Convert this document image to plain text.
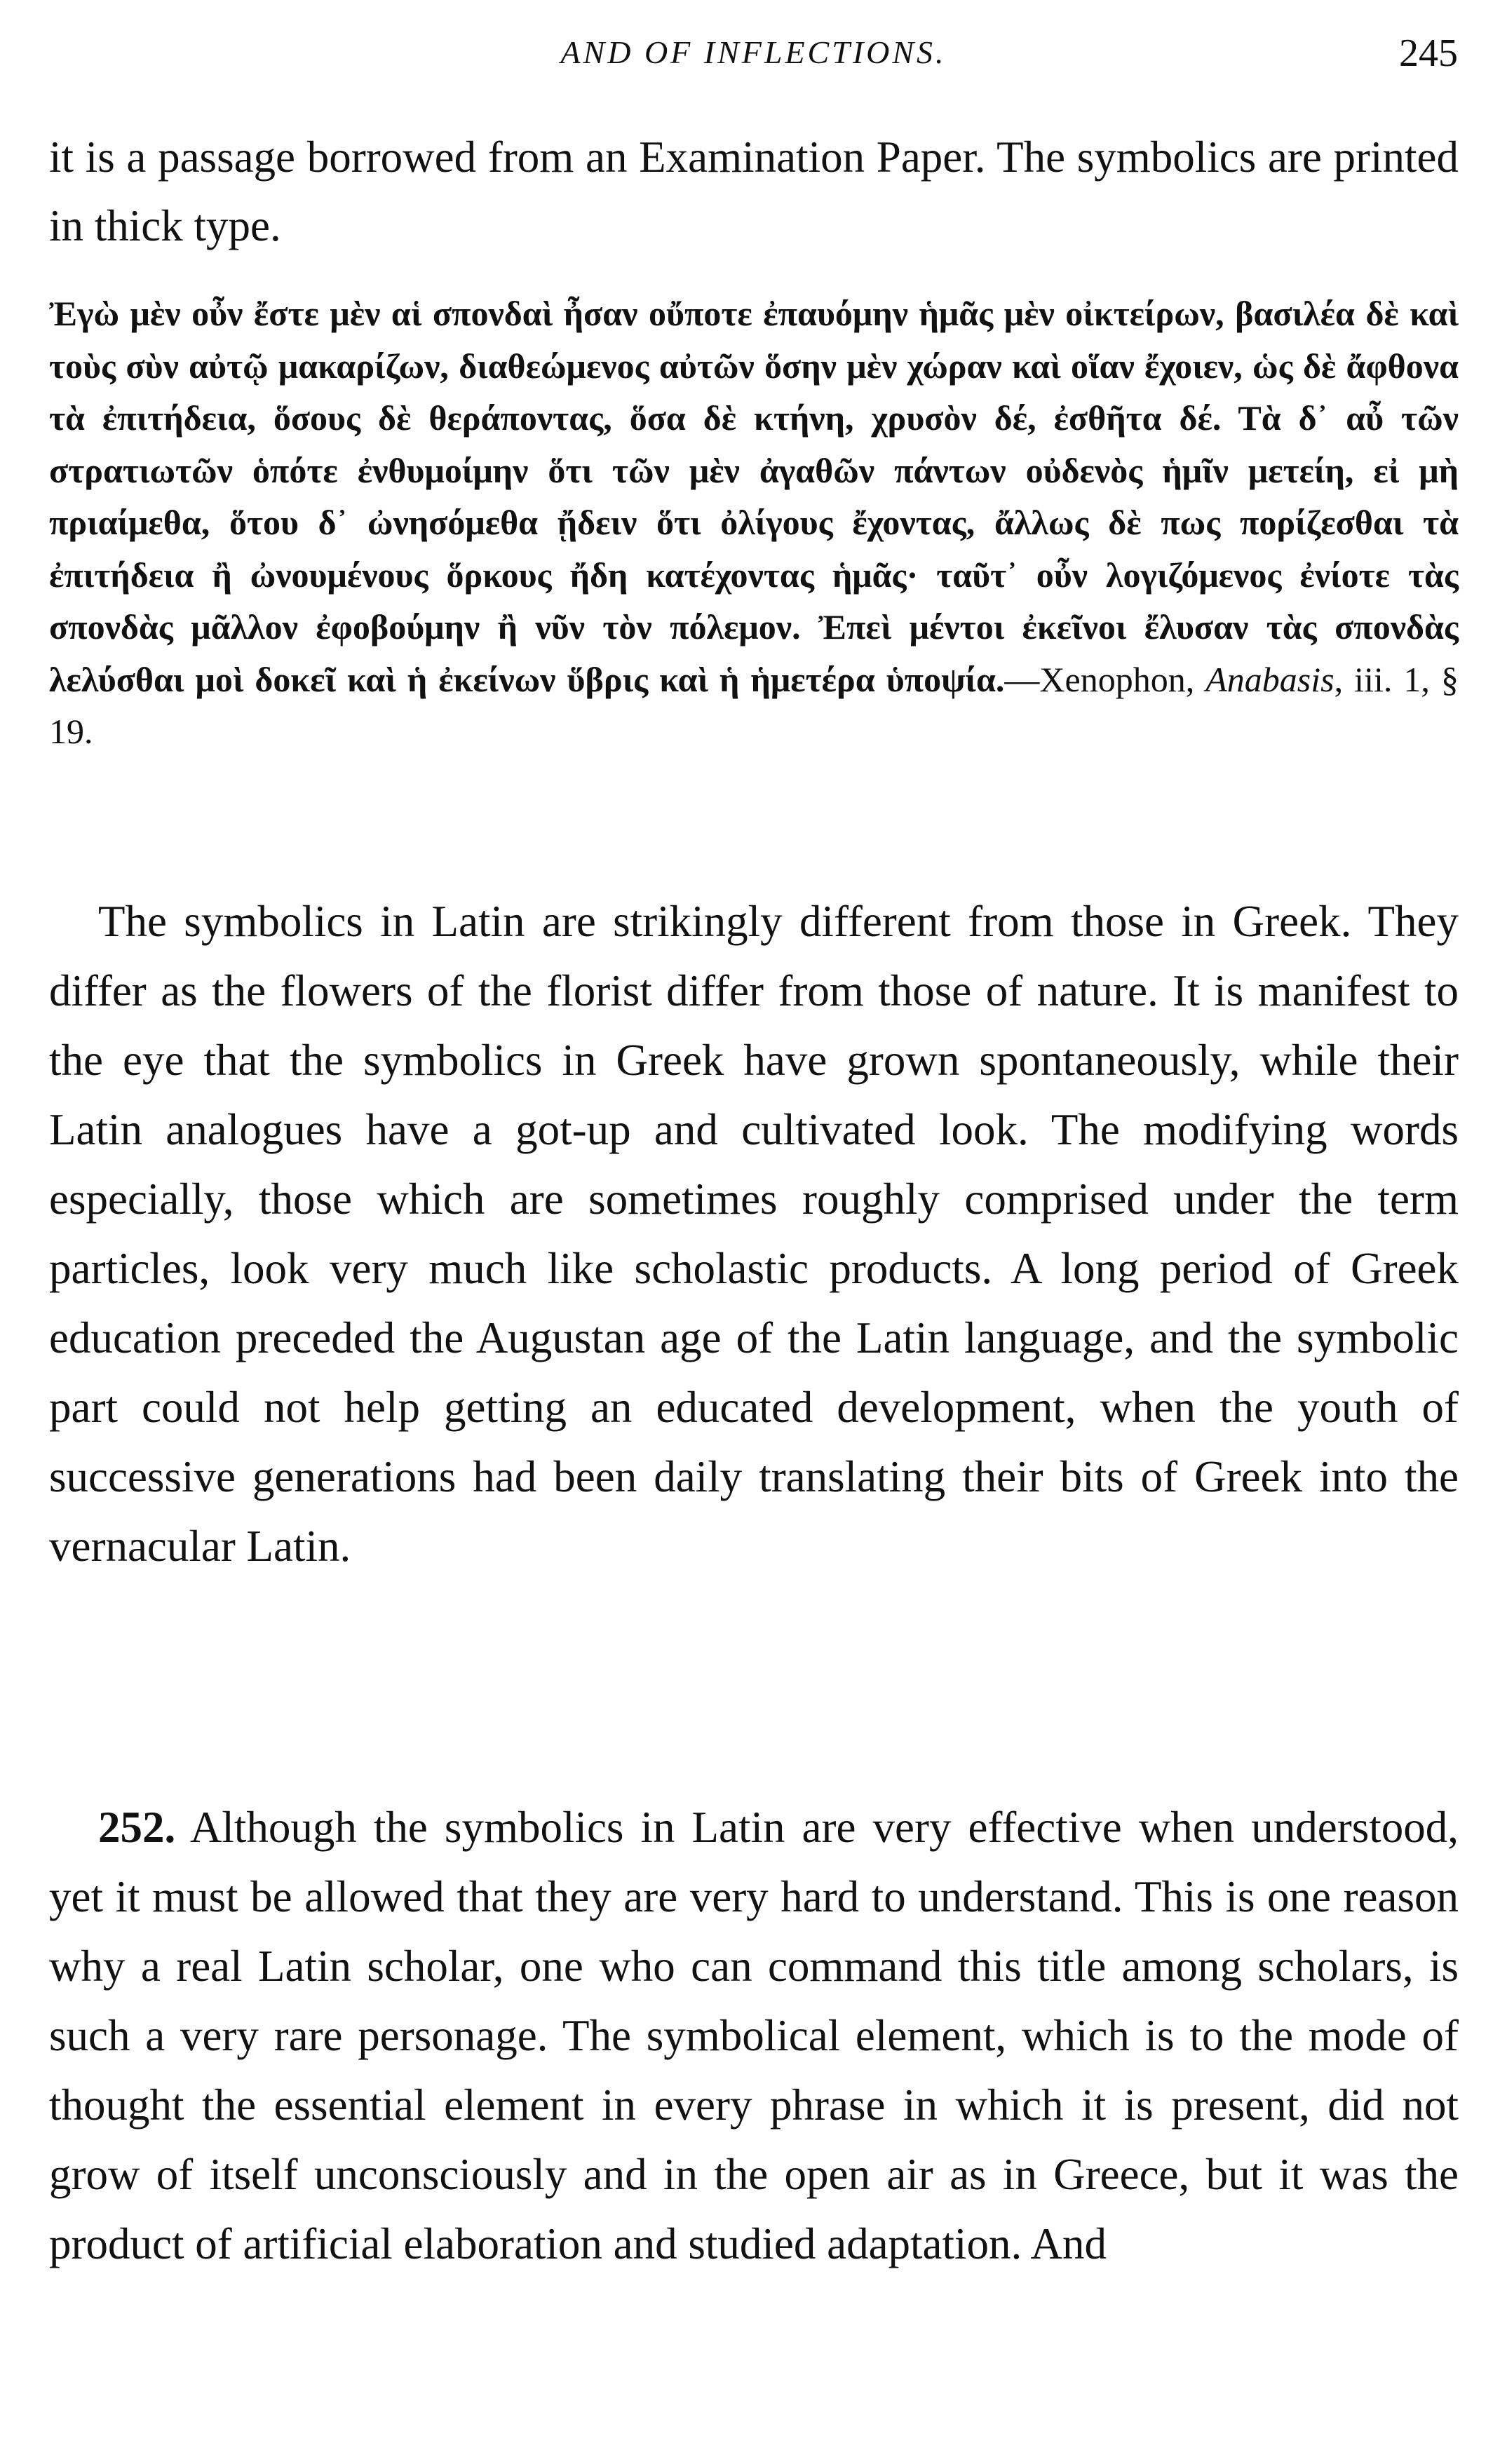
AND OF INFLECTIONS.	245

it is a passage borrowed from an Examination Paper. The symbolics are printed in thick type.

Ἐγὼ μὲν οὖν ἔστε μὲν αἱ σπονδαὶ ἦσαν οὔποτε ἐπαυόμην ἡμᾶς μὲν οἰκτείρων, βασιλέα δὲ καὶ τοὺς σὺν αὐτῷ μακαρίζων, διαθεώμενος αὐτῶν ὅσην μὲν χώραν καὶ οἵαν ἔχοιεν, ὡς δὲ ἄφθονα τὰ ἐπιτήδεια, ὅσους δὲ θεράποντας, ὅσα δὲ κτήνη, χρυσὸν δέ, ἐσθῆτα δέ. Τὰ δ᾽ αὖ τῶν στρατιωτῶν ὁπότε ἐνθυμοίμην ὅτι τῶν μὲν ἀγαθῶν πάντων οὐδενὸς ἡμῖν μετείη, εἰ μὴ πριαίμεθα, ὅτου δ᾽ ὠνησόμεθα ᾔδειν ὅτι ὀλίγους ἔχοντας, ἄλλως δὲ πως πορίζεσθαι τὰ ἐπιτήδεια ἢ ὠνουμένους ὅρκους ἤδη κατέχοντας ἡμᾶς· ταῦτ᾽ οὖν λογιζόμενος ἐνίοτε τὰς σπονδὰς μᾶλλον ἐφοβούμην ἢ νῦν τὸν πόλεμον. Ἐπεὶ μέντοι ἐκεῖνοι ἔλυσαν τὰς σπονδὰς λελύσθαι μοὶ δοκεῖ καὶ ἡ ἐκείνων ὕβρις καὶ ἡ ἡμετέρα ὑποψία.—Xenophon, Anabasis, iii. 1, § 19.

The symbolics in Latin are strikingly different from those in Greek. They differ as the flowers of the florist differ from those of nature. It is manifest to the eye that the symbolics in Greek have grown spontaneously, while their Latin analogues have a got-up and cultivated look. The modifying words especially, those which are sometimes roughly comprised under the term particles, look very much like scholastic products. A long period of Greek education preceded the Augustan age of the Latin language, and the symbolic part could not help getting an educated development, when the youth of successive generations had been daily translating their bits of Greek into the vernacular Latin.

252. Although the symbolics in Latin are very effective when understood, yet it must be allowed that they are very hard to understand. This is one reason why a real Latin scholar, one who can command this title among scholars, is such a very rare personage. The symbolical element, which is to the mode of thought the essential element in every phrase in which it is present, did not grow of itself unconsciously and in the open air as in Greece, but it was the product of artificial elaboration and studied adaptation. And
